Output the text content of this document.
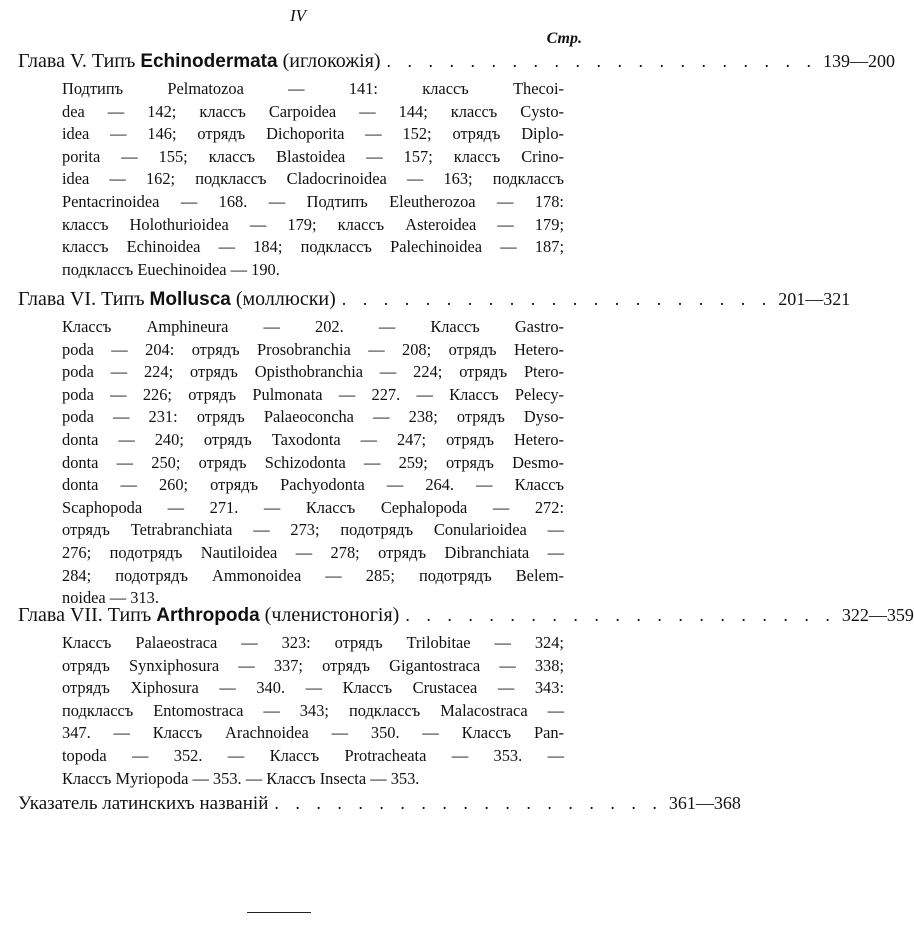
IV
Стр.
Глава V.
Типъ Echinodermata (иглокожія) . . . . . . . . . . . . . . . . . . . . . 139—200
Подтипъ Pelmatozoa — 141: классъ Thecoi-
dea — 142; классъ Carpoidea — 144; классъ Cysto-
idea — 146; отрядъ Dichoporita — 152; отрядъ Diplo-
porita — 155; классъ Blastoidea — 157; классъ Crino-
idea — 162; подклассъ Cladocrinoidea — 163; подклассъ
Pentacrinoidea — 168. — Подтипъ Eleutherozoa — 178:
классъ Holothurioidea — 179; классъ Asteroidea — 179;
классъ Echinoidea — 184; подклассъ Palechinoidea — 187;
подклассъ Euechinoidea — 190.
Глава VI.
Типъ Mollusca (моллюски) . . . . . . . . . . . . . . . . . . . . . 201—321
Классъ Amphineura — 202. — Классъ Gastro-
poda — 204: отрядъ Prosobranchia — 208; отрядъ Hetero-
poda — 224; отрядъ Opisthobranchia — 224; отрядъ Ptero-
poda — 226; отрядъ Pulmonata — 227. — Классъ Pelecy-
poda — 231: отрядъ Palaeoconcha — 238; отрядъ Dyso-
donta — 240; отрядъ Taxodonta — 247; отрядъ Hetero-
donta — 250; отрядъ Schizodonta — 259; отрядъ Desmo-
donta — 260; отрядъ Pachyodonta — 264. — Классъ
Scaphopoda — 271. — Классъ Cephalopoda — 272:
отрядъ Tetrabranchiata — 273; подотрядъ Conularioidea —
276; подотрядъ Nautiloidea — 278; отрядъ Dibranchiata —
284; подотрядъ Ammonoidea — 285; подотрядъ Belem-
noidea — 313.
Глава VII.
Типъ Arthropoda (членистоногія) . . . . . . . . . . . . . . . . . . . . . 322—359
Классъ Palaeostraca — 323: отрядъ Trilobitae — 324;
отрядъ Synxiphosura — 337; отрядъ Gigantostraca — 338;
отрядъ Xiphosura — 340. — Классъ Crustacea — 343:
подклассъ Entomostraca — 343; подклассъ Malacostraca —
347. — Классъ Arachnoidea — 350. — Классъ Pan-
topoda — 352. — Классъ Protracheata — 353. —
Классъ Myriopoda — 353. — Классъ Insecta — 353.
Указатель латинскихъ названій . . . . . . . . . . . . . . . . . . . 361—368
